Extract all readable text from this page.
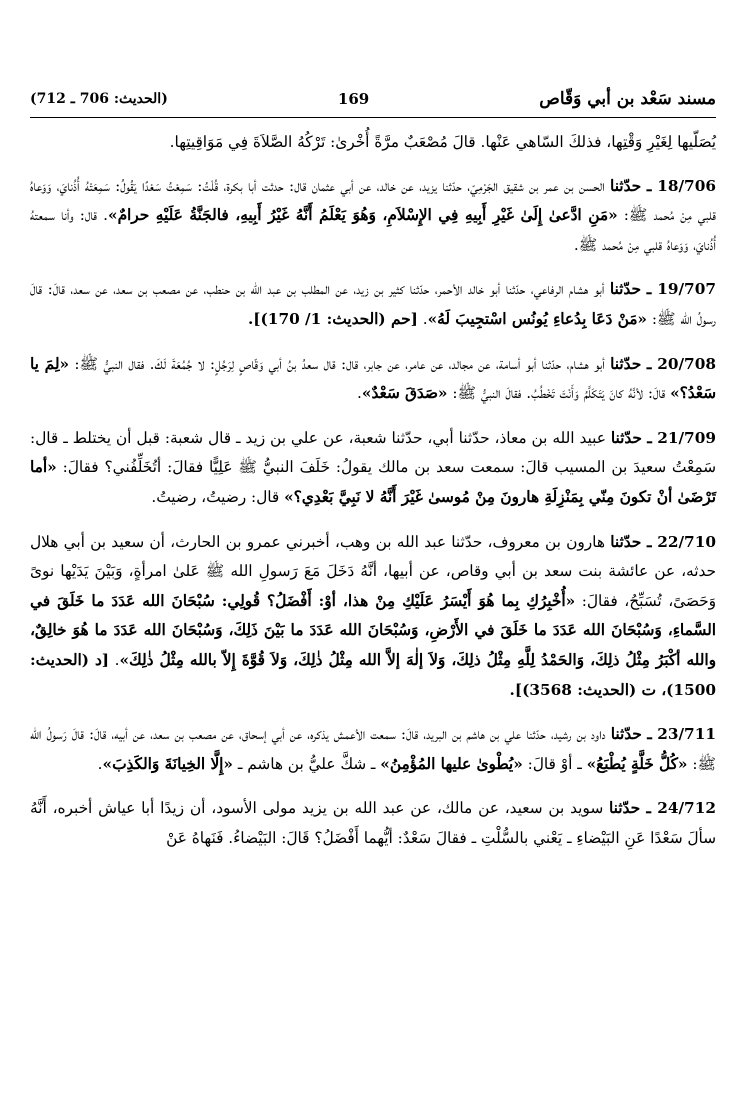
مسند سَعْد بن أبي وَقّاص
169
(الحديث: 706 ـ 712)

يُصَلّيها لِغَيْرِ وَقْتِها، فذلكَ السّاهي عَنْها. قالَ مُصْعَبٌ مرَّةً أُخْرىٰ: تَرْكُهُ الصَّلاَةَ فِي مَوَاقِيتِها.

18/706 ـ حدّثنا الحسن بن عمر بن شقيق الجَرْمِيّ، حدّثنا يزيد، عن خالد، عن أبي عثمان قال: حدثت أبا بكرة، قُلْتُ: سَمِعْتُ سَعْدًا يَقُولُ: سَمِعَتْهُ أُذُنايَ، وَوَعاهُ قلبي مِنْ مُحمد ﷺ: «مَنِ ادَّعىٰ إِلَىٰ غَيْرِ أَبِيهِ فِي الإِسْلاَمِ، وَهُوَ يَعْلَمُ أَنَّهُ غَيْرُ أَبِيهِ، فالجَنَّةُ عَلَيْهِ حرامٌ». قال: وأنا سمعتهُ أُذُنايَ، وَوَعاهُ قلبي مِنْ مُحمد ﷺ.

19/707 ـ حدّثنا أبو هشام الرفاعي، حدّثنا أبو خالد الأحمر، حدّثنا كثير بن زيد، عن المطلب بن عبد الله بن حنطب، عن مصعب بن سعد، عن سعد، قالَ: قالَ رسولُ الله ﷺ: «مَنْ دَعَا بِدُعاءِ يُونُس اسْتجِيبَ لَهُ». [حم (الحديث: 1/ 170)].

20/708 ـ حدّثنا أبو هشام، حدّثنا أبو أسامة، عن مجالد، عن عامر، عن جابر، قال: قال سعدُ بنُ أبي وَقّاصٍ لِرَجُلٍ: لا جُمُعَةَ لَكَ. فقال النبيُّ ﷺ: «لِمَ يا سَعْدُ؟» قالَ: لأنَّهُ كانَ يَتَكَلَّمُ وَأَنْتَ تَخْطُبُ. فقالَ النبيُّ ﷺ: «صَدَقَ سَعْدٌ».

21/709 ـ حدّثنا عبيد الله بن معاذ، حدّثنا أبي، حدّثنا شعبة، عن علي بن زيد ـ قال شعبة: قبل أن يختلط ـ قال: سَمِعْتُ سعيدَ بن المسيب قالَ: سمعت سعد بن مالك يقولُ: خَلَفَ النبيُّ ﷺ عَلِيًّا فقالَ: أتُخَلِّفُني؟ فقالَ: «أما تَرْضَىٰ أنْ تكونَ مِنّي بِمَنْزِلَةِ هارونَ مِنْ مُوسىٰ غَيْرَ أَنَّهُ لا نَبِيَّ بَعْدِي؟» قال: رضيتُ، رضيتُ.

22/710 ـ حدّثنا هارون بن معروف، حدّثنا عبد الله بن وهب، أخبرني عمرو بن الحارث، أن سعيد بن أبي هلال حدثه، عن عائشة بنت سعد بن أبي وقاص، عن أبيها، أنَّهُ دَخَلَ مَعَ رَسولِ الله ﷺ عَلىٰ امرأةٍ، وَبَيْنَ يَدَيْها نوىً وَحَصَىً، تُسَبِّحُ، فقالَ: «أُخْبِرُكِ بِما هُوَ أَيْسَرُ عَلَيْكِ مِنْ هذا، أوْ: أَفْضَلُ؟ قُولِي: سُبْحَانَ الله عَدَدَ ما خَلَقَ في السَّماءِ، وَسُبْحَانَ الله عَدَدَ ما خَلَقَ في الأَرْضِ، وَسُبْحَانَ الله عَدَدَ ما بَيْنَ ذَلِكَ، وَسُبْحَانَ الله عَدَدَ ما هُوَ خالِقٌ، والله أكْبَرُ مِثْلُ ذلِكَ، وَالحَمْدُ لِلَّهِ مِثْلُ ذلِكَ، وَلاَ إلٰهَ إلاَّ الله مِثْلُ ذٰلِكَ، وَلاَ قُوَّةَ إِلاّ بالله مِثْلُ ذٰلِكَ». [د (الحديث: 1500)، ت (الحديث: 3568)].

23/711 ـ حدّثنا داود بن رشيد، حدّثنا علي بن هاشم بن البريد، قالَ: سمعت الأعمش يذكره، عن أبي إسحاق، عن مصعب بن سعد، عن أبيه، قالَ: قالَ رَسولُ الله ﷺ: «كُلُّ خَلَّةٍ يُطْبَعُ» ـ أوْ قالَ: «يُطْوىٰ عليها المُؤْمِنُ» ـ شكَّ عليُّ بن هاشم ـ «إِلَّا الخِيانَةَ وَالكَذِبَ».

24/712 ـ حدّثنا سويد بن سعيد، عن مالك، عن عبد الله بن يزيد مولى الأسود، أن زيدًا أبا عياش أخبره، أَنَّهُ سألَ سَعْدًا عَنِ البَيْضاءِ ـ يَعْني بالسُّلْتِ ـ فقالَ سَعْدٌ: أيُّهما أَفْضَلُ؟ قَالَ: البَيْضاءُ. فَنَهاهُ عَنْ
